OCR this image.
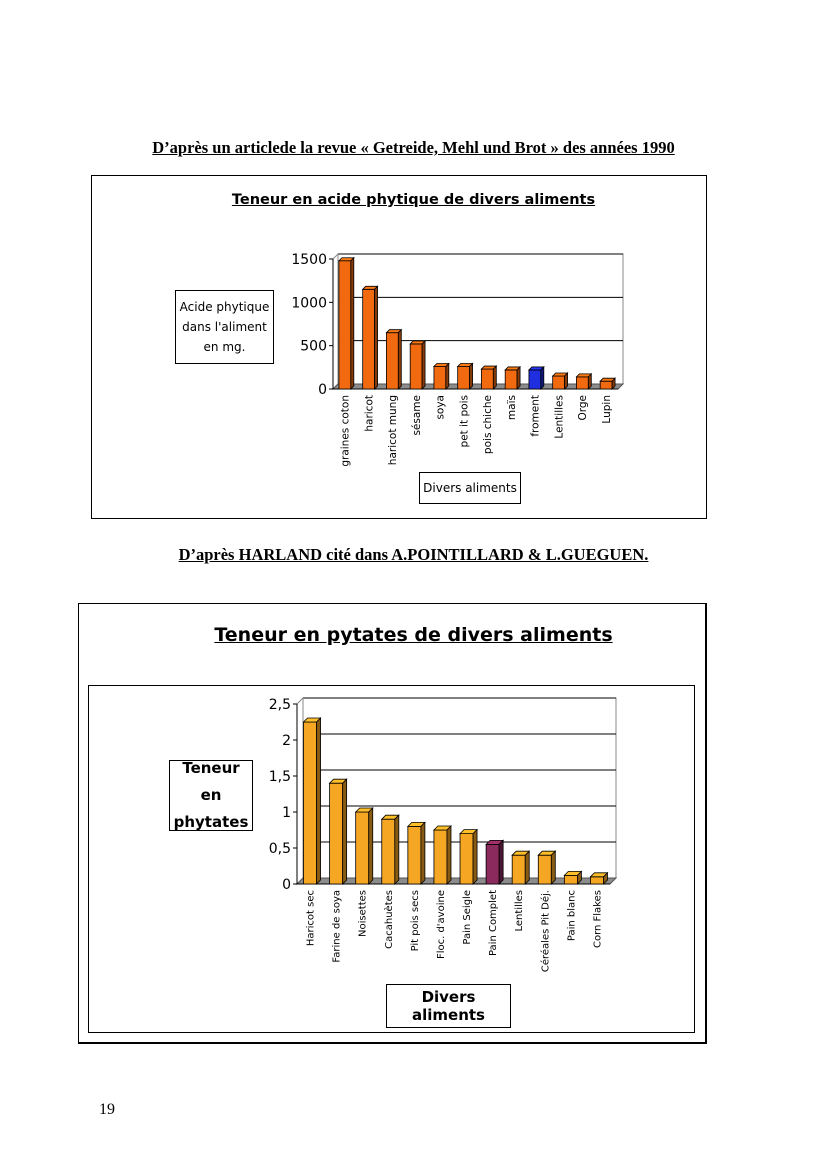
D’après un articlede la revue « Getreide, Mehl und Brot » des années 1990
D’après HARLAND cité dans A.POINTILLARD & L.GUEGUEN.
Teneur en acide phytique de divers aliments
Teneur en pytates de divers aliments
0
500
1000
1500
graines coton haricot haricot mung sésame soya pet it pois pois chiche maïs froment Lentilles Orge Lupin
0
0,5
1
1,5
2
2,5
Haricot sec Farine de soya Noisettes Cacahuètes Pit pois secs Floc. d'avoine Pain Seigle Pain Complet Lentilles Céréales Pit Déj. Pain blanc Corn Flakes
Acide phytique
dans l'aliment
en mg.
Divers aliments
Teneur en
phytates
Divers aliments
19
